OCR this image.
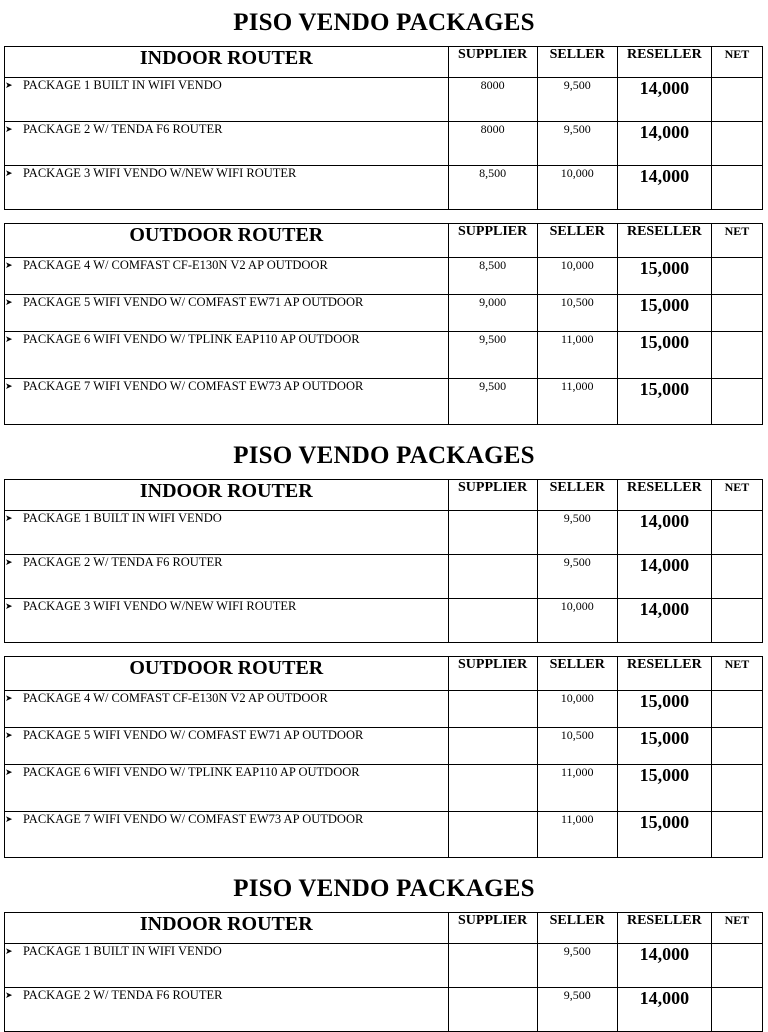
PISO VENDO PACKAGES
INDOOR ROUTER	SUPPLIER	SELLER	RESELLER	NET
➤ PACKAGE 1 BUILT IN WIFI VENDO	8000	9,500	14,000	
➤ PACKAGE 2 W/ TENDA F6 ROUTER	8000	9,500	14,000	
➤ PACKAGE 3 WIFI VENDO W/NEW WIFI ROUTER	8,500	10,000	14,000	
OUTDOOR ROUTER	SUPPLIER	SELLER	RESELLER	NET
➤ PACKAGE 4 W/ COMFAST CF-E130N V2 AP OUTDOOR	8,500	10,000	15,000	
➤ PACKAGE 5 WIFI VENDO W/ COMFAST EW71 AP OUTDOOR	9,000	10,500	15,000	
➤ PACKAGE 6 WIFI VENDO W/ TPLINK EAP110 AP OUTDOOR	9,500	11,000	15,000	
➤ PACKAGE 7 WIFI VENDO W/ COMFAST EW73 AP OUTDOOR	9,500	11,000	15,000	
PISO VENDO PACKAGES
INDOOR ROUTER	SUPPLIER	SELLER	RESELLER	NET
➤ PACKAGE 1 BUILT IN WIFI VENDO		9,500	14,000	
➤ PACKAGE 2 W/ TENDA F6 ROUTER		9,500	14,000	
➤ PACKAGE 3 WIFI VENDO W/NEW WIFI ROUTER		10,000	14,000	
OUTDOOR ROUTER	SUPPLIER	SELLER	RESELLER	NET
➤ PACKAGE 4 W/ COMFAST CF-E130N V2 AP OUTDOOR		10,000	15,000	
➤ PACKAGE 5 WIFI VENDO W/ COMFAST EW71 AP OUTDOOR		10,500	15,000	
➤ PACKAGE 6 WIFI VENDO W/ TPLINK EAP110 AP OUTDOOR		11,000	15,000	
➤ PACKAGE 7 WIFI VENDO W/ COMFAST EW73 AP OUTDOOR		11,000	15,000	
PISO VENDO PACKAGES
INDOOR ROUTER	SUPPLIER	SELLER	RESELLER	NET
➤ PACKAGE 1 BUILT IN WIFI VENDO		9,500	14,000	
➤ PACKAGE 2 W/ TENDA F6 ROUTER		9,500	14,000	
